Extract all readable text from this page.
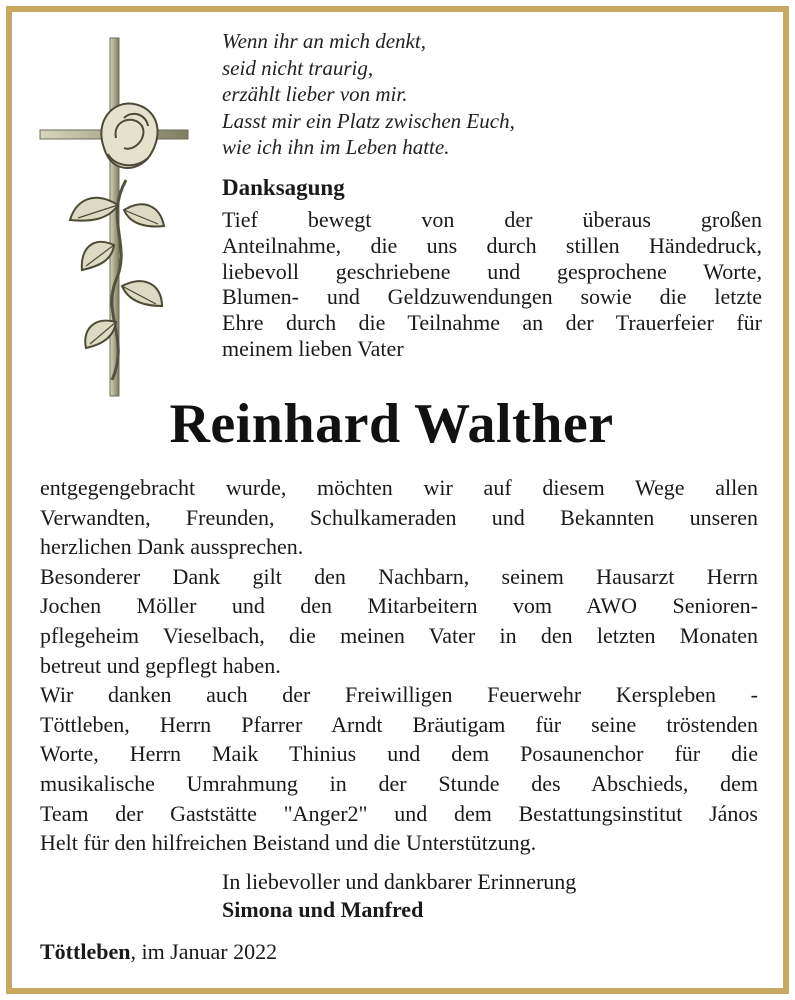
Wenn ihr an mich denkt,
seid nicht traurig,
erzählt lieber von mir.
Lasst mir ein Platz zwischen Euch,
wie ich ihn im Leben hatte.
Danksagung
Tief bewegt von der überaus großen
Anteilnahme, die uns durch stillen Händedruck,
liebevoll geschriebene und gesprochene Worte,
Blumen- und Geldzuwendungen sowie die letzte
Ehre durch die Teilnahme an der Trauerfeier für
meinem lieben Vater
Reinhard Walther
entgegengebracht wurde, möchten wir auf diesem Wege allen
Verwandten, Freunden, Schulkameraden und Bekannten unseren
herzlichen Dank aussprechen.
Besonderer Dank gilt den Nachbarn, seinem Hausarzt Herrn
Jochen Möller und den Mitarbeitern vom AWO Senioren-
pflegeheim Vieselbach, die meinen Vater in den letzten Monaten
betreut und gepflegt haben.
Wir danken auch der Freiwilligen Feuerwehr Kerspleben -
Töttleben, Herrn Pfarrer Arndt Bräutigam für seine tröstenden
Worte, Herrn Maik Thinius und dem Posaunenchor für die
musikalische Umrahmung in der Stunde des Abschieds, dem
Team der Gaststätte "Anger2" und dem Bestattungsinstitut János
Helt für den hilfreichen Beistand und die Unterstützung.
In liebevoller und dankbarer Erinnerung
Simona und Manfred
Töttleben, im Januar 2022
